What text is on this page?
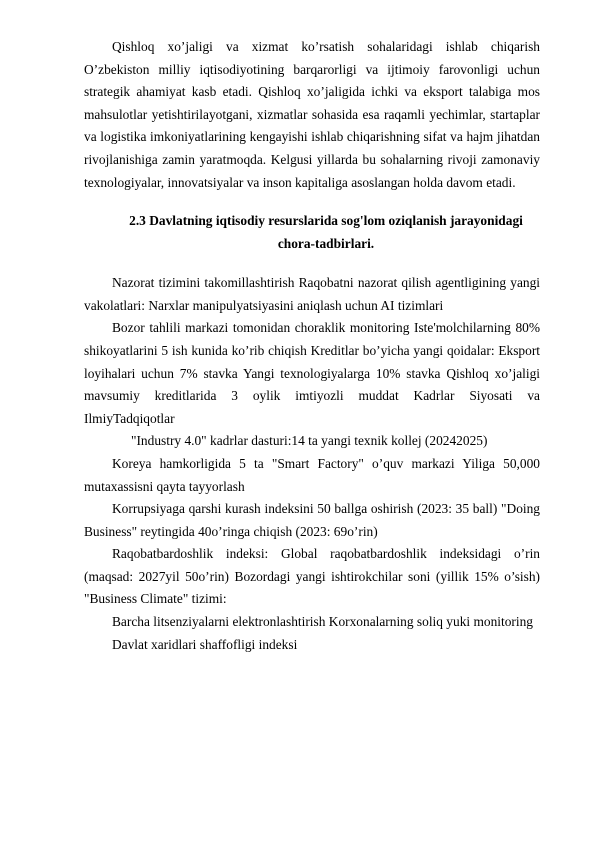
Qishloq xo’jaligi va xizmat ko’rsatish sohalaridagi ishlab chiqarish O’zbekiston milliy iqtisodiyotining barqarorligi va ijtimoiy farovonligi uchun strategik ahamiyat kasb etadi. Qishloq xo’jaligida ichki va eksport talabiga mos mahsulotlar yetishtirilayotgani, xizmatlar sohasida esa raqamli yechimlar, startaplar va logistika imkoniyatlarining kengayishi ishlab chiqarishning sifat va hajm jihatdan rivojlanishiga zamin yaratmoqda. Kelgusi yillarda bu sohalarning rivoji zamonaviy texnologiyalar, innovatsiyalar va inson kapitaliga asoslangan holda davom etadi.

2.3 Davlatning iqtisodiy resurslarida sog'lom oziqlanish jarayonidagi chora-tadbirlari.

Nazorat tizimini takomillashtirish Raqobatni nazorat qilish agentligining yangi vakolatlari: Narxlar manipulyatsiyasini aniqlash uchun AI tizimlari

Bozor tahlili markazi tomonidan choraklik monitoring Iste'molchilarning 80% shikoyatlarini 5 ish kunida ko’rib chiqish Kreditlar bo’yicha yangi qoidalar: Eksport loyihalari uchun 7% stavka Yangi texnologiyalarga 10% stavka Qishloq xo’jaligi mavsumiy kreditlarida 3 oylik imtiyozli muddat Kadrlar Siyosati va IlmiyTadqiqotlar

"Industry 4.0" kadrlar dasturi:14 ta yangi texnik kollej (20242025)

Koreya hamkorligida 5 ta "Smart Factory" o’quv markazi Yiliga 50,000 mutaxassisni qayta tayyorlash

Korrupsiyaga qarshi kurash indeksini 50 ballga oshirish (2023: 35 ball) "Doing Business" reytingida 40o’ringa chiqish (2023: 69o’rin)

Raqobatbardoshlik indeksi: Global raqobatbardoshlik indeksidagi o’rin (maqsad: 2027yil 50o’rin) Bozordagi yangi ishtirokchilar soni (yillik 15% o’sish) "Business Climate" tizimi:

Barcha litsenziyalarni elektronlashtirish Korxonalarning soliq yuki monitoring

Davlat xaridlari shaffofligi indeksi
